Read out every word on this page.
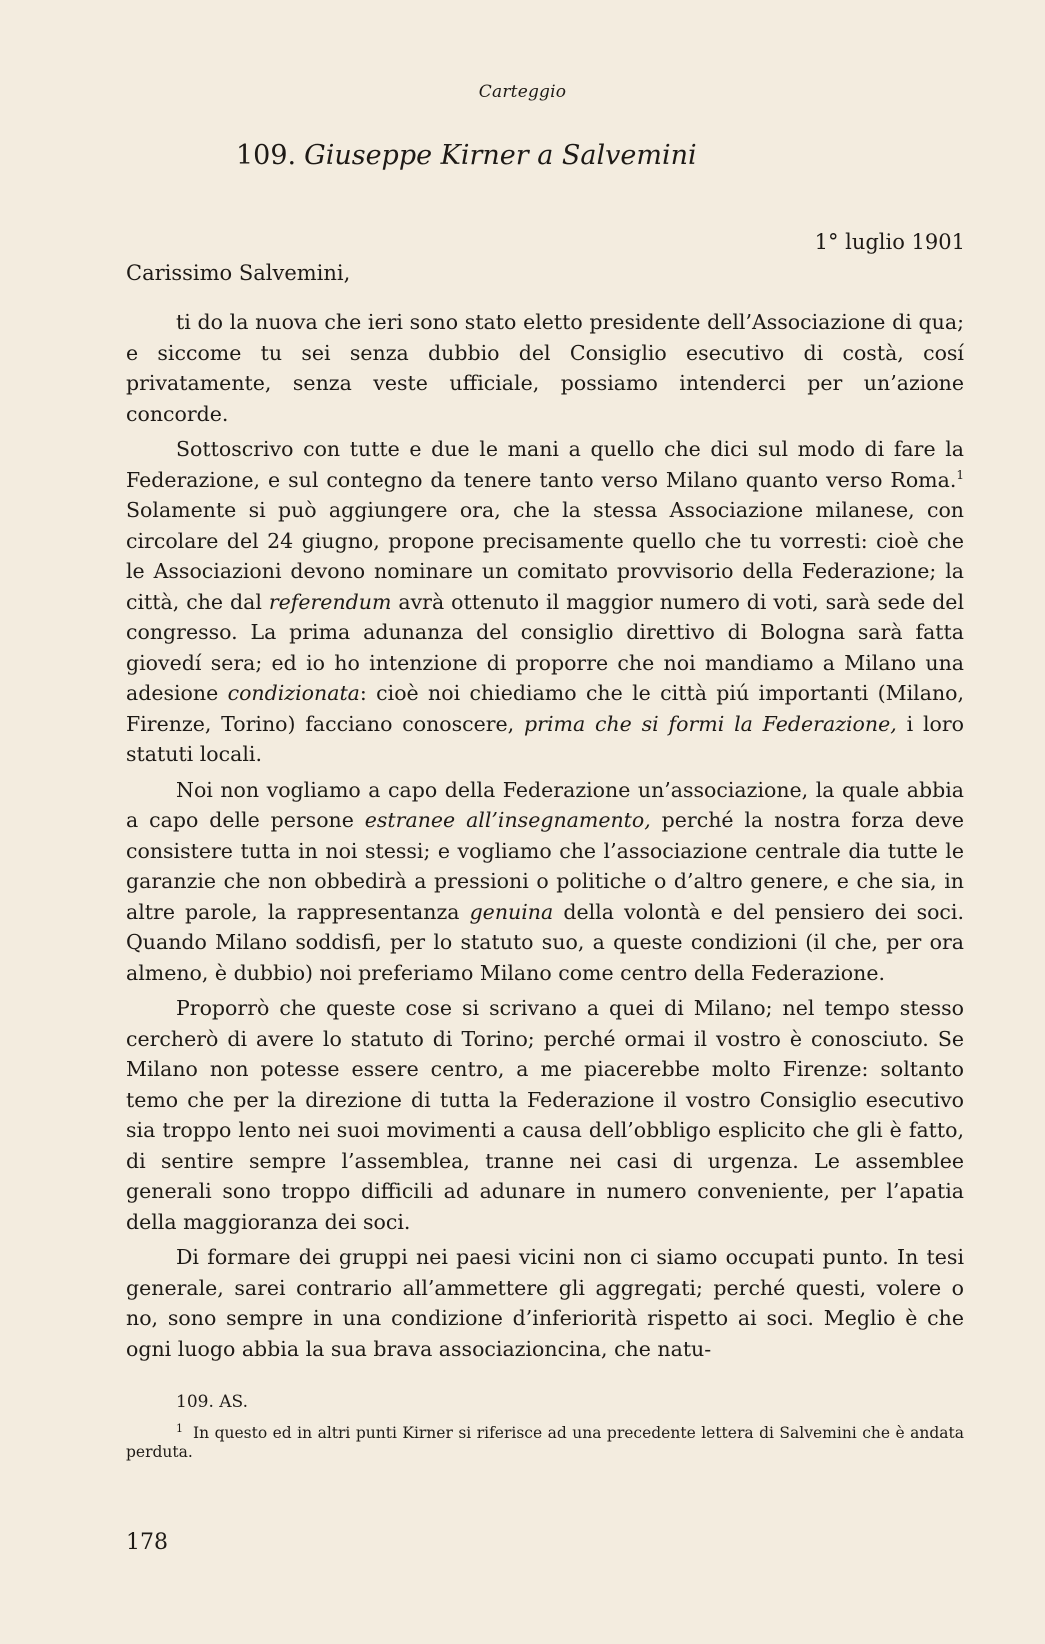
Carteggio
109. Giuseppe Kirner a Salvemini
1° luglio 1901
Carissimo Salvemini,

ti do la nuova che ieri sono stato eletto presidente dell’Associazione di qua; e siccome tu sei senza dubbio del Consiglio esecutivo di costà, cosí privatamente, senza veste ufficiale, possiamo intenderci per un’azione concorde.

Sottoscrivo con tutte e due le mani a quello che dici sul modo di fare la Federazione, e sul contegno da tenere tanto verso Milano quanto verso Roma.$^1$ Solamente si può aggiungere ora, che la stessa Associazione milanese, con circolare del 24 giugno, propone precisamente quello che tu vorresti: cioè che le Associazioni devono nominare un comitato provvisorio della Federazione; la città, che dal referendum avrà ottenuto il maggior numero di voti, sarà sede del congresso. La prima adunanza del consiglio direttivo di Bologna sarà fatta giovedí sera; ed io ho intenzione di proporre che noi mandiamo a Milano una adesione condizionata: cioè noi chiediamo che le città piú importanti (Milano, Firenze, Torino) facciano conoscere, prima che si formi la Federazione, i loro statuti locali.

Noi non vogliamo a capo della Federazione un’associazione, la quale abbia a capo delle persone estranee all’insegnamento, perché la nostra forza deve consistere tutta in noi stessi; e vogliamo che l’associazione centrale dia tutte le garanzie che non obbedirà a pressioni o politiche o d’altro genere, e che sia, in altre parole, la rappresentanza genuina della volontà e del pensiero dei soci. Quando Milano soddisfi, per lo statuto suo, a queste condizioni (il che, per ora almeno, è dubbio) noi preferiamo Milano come centro della Federazione.

Proporrò che queste cose si scrivano a quei di Milano; nel tempo stesso cercherò di avere lo statuto di Torino; perché ormai il vostro è conosciuto. Se Milano non potesse essere centro, a me piacerebbe molto Firenze: soltanto temo che per la direzione di tutta la Federazione il vostro Consiglio esecutivo sia troppo lento nei suoi movimenti a causa dell’obbligo esplicito che gli è fatto, di sentire sempre l’assemblea, tranne nei casi di urgenza. Le assemblee generali sono troppo difficili ad adunare in numero conveniente, per l’apatia della maggioranza dei soci.

Di formare dei gruppi nei paesi vicini non ci siamo occupati punto. In tesi generale, sarei contrario all’ammettere gli aggregati; perché questi, volere o no, sono sempre in una condizione d’inferiorità rispetto ai soci. Meglio è che ogni luogo abbia la sua brava associazioncina, che natu-

109. AS.
$^1$ In questo ed in altri punti Kirner si riferisce ad una precedente lettera di Salvemini che è andata perduta.
178
